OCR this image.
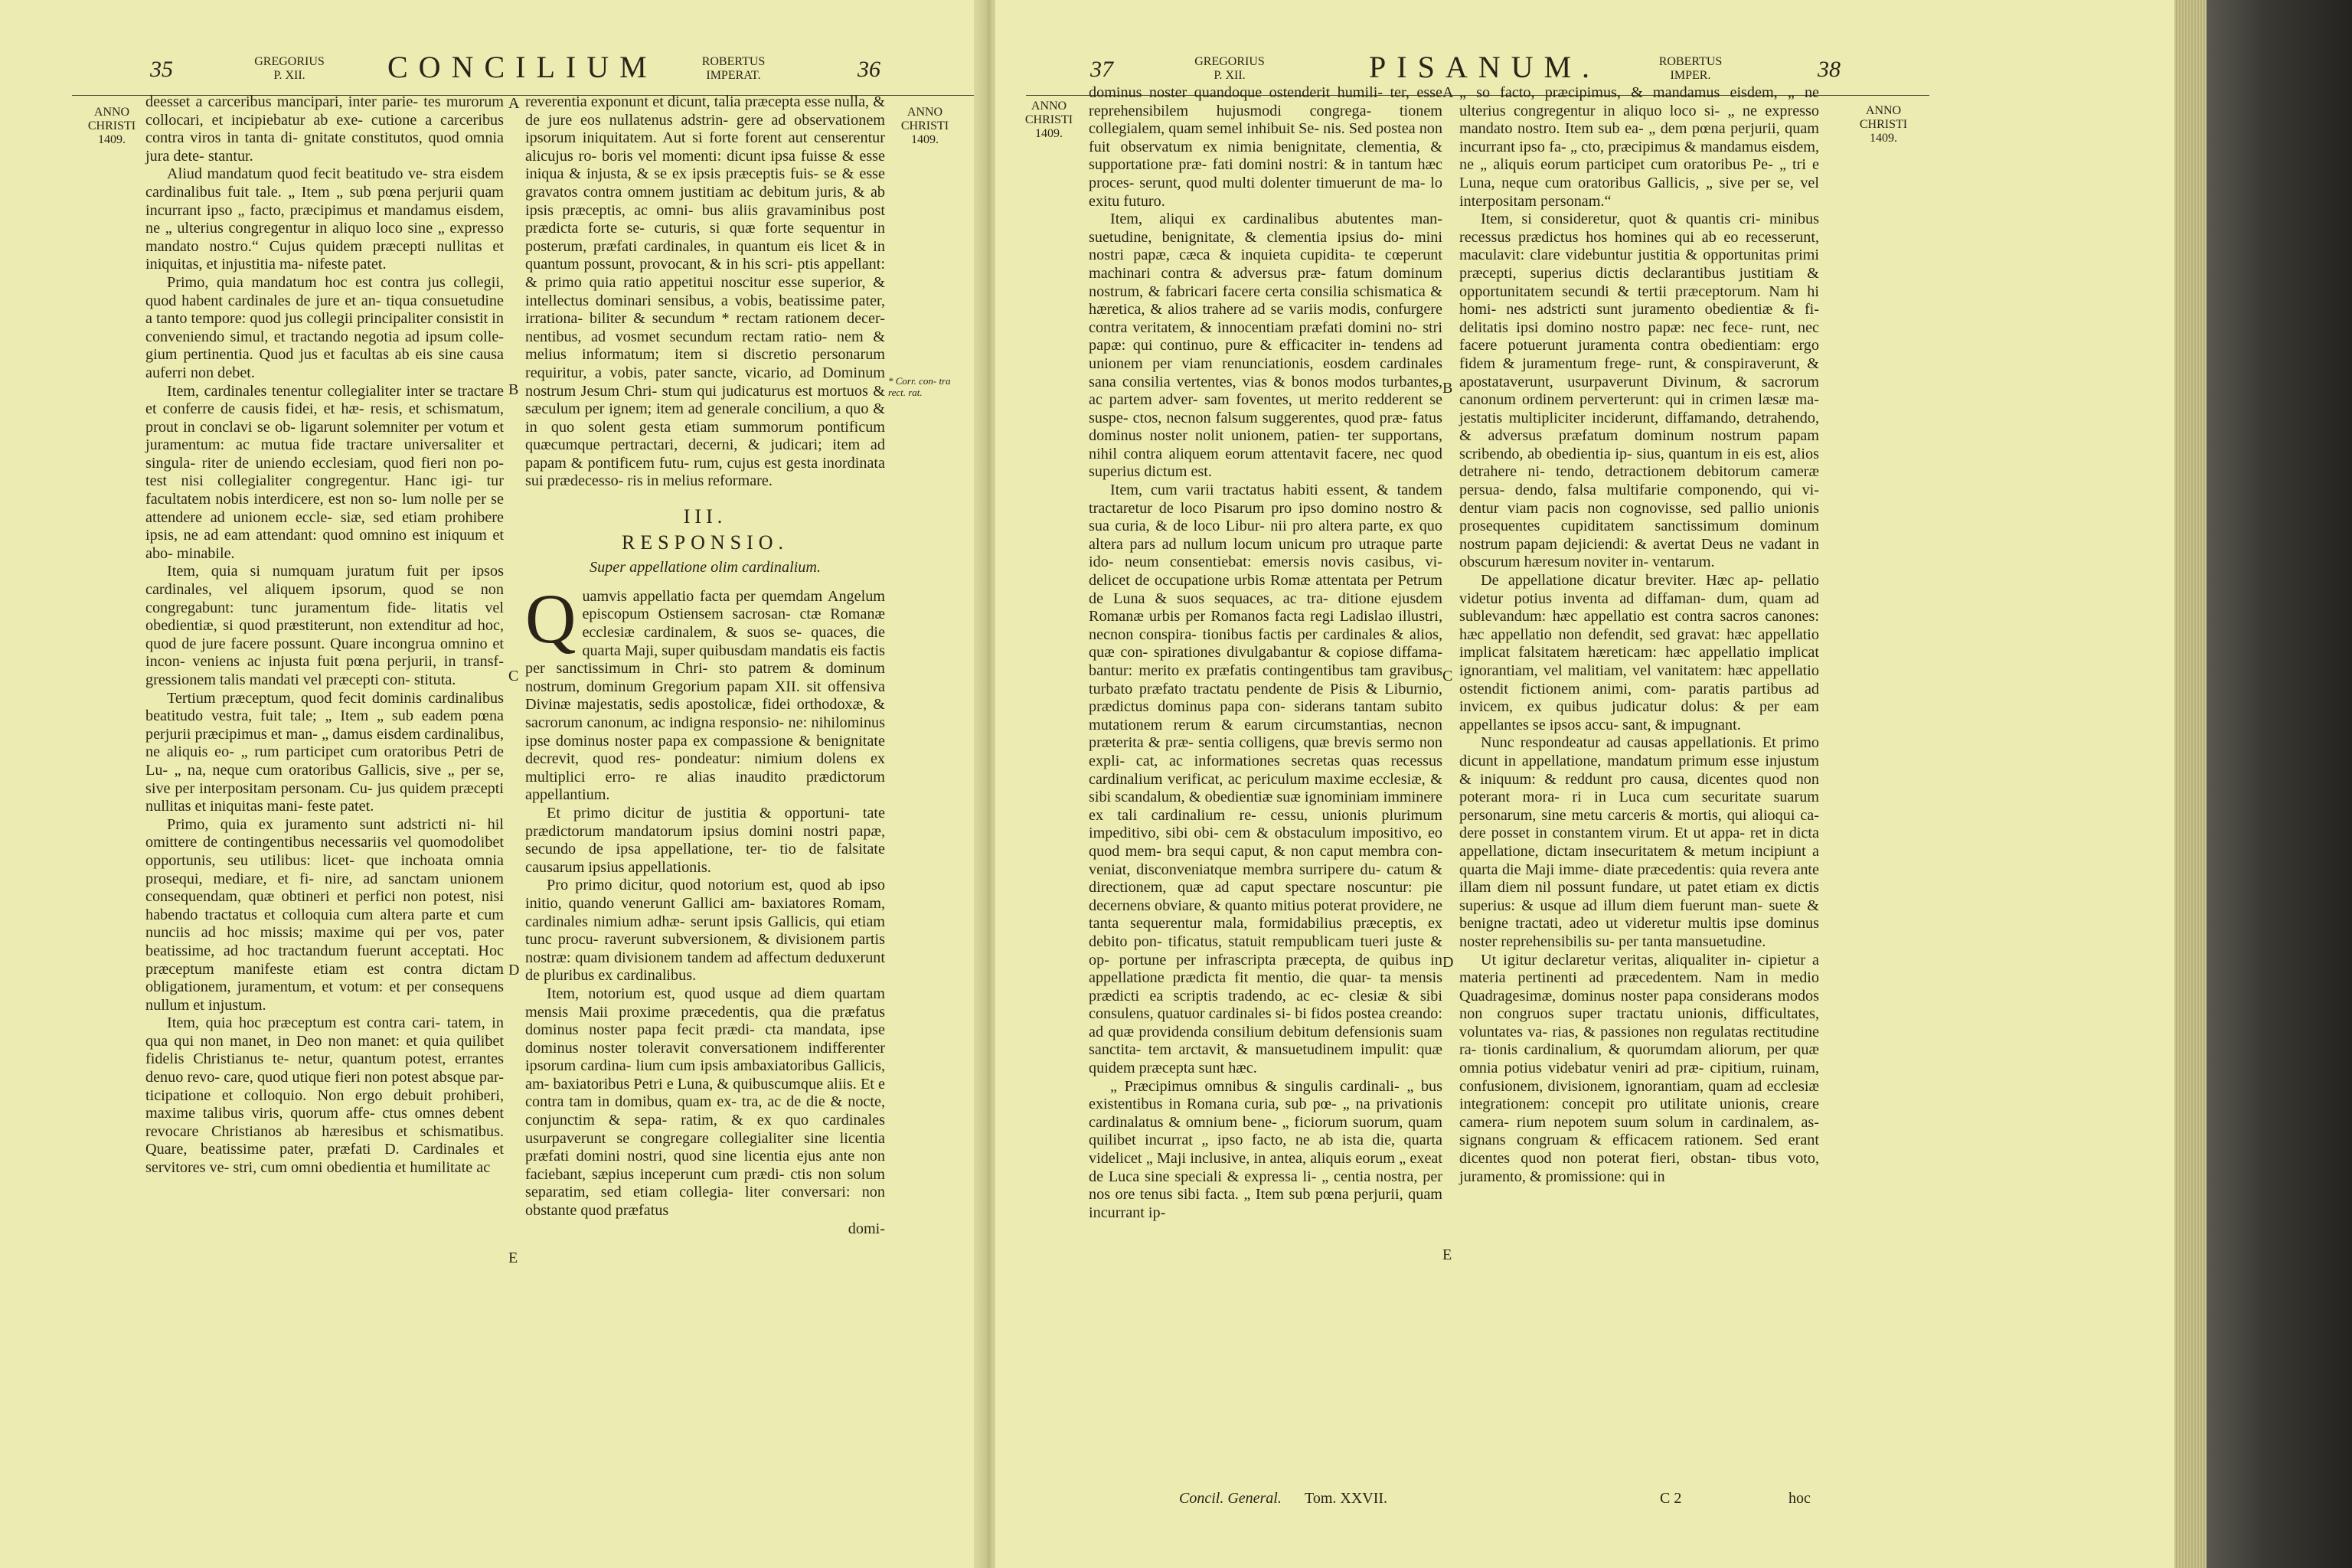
35	GREGORIUS
P. XII.	CONCILIUM	ROBERTUS
IMPERAT.	36
ANNO
CHRISTI
1409.
ANNO
CHRISTI
1409.

deesset a carceribus mancipari, inter parie- tes murorum collocari, et incipiebatur ab exe- cutione a carceribus contra viros in tanta di- gnitate constitutos, quod omnia jura dete- stantur.

Aliud mandatum quod fecit beatitudo ve- stra eisdem cardinalibus fuit tale. „ Item „ sub pœna perjurii quam incurrant ipso „ facto, præcipimus et mandamus eisdem, ne „ ulterius congregentur in aliquo loco sine „ expresso mandato nostro.“ Cujus quidem præcepti nullitas et iniquitas, et injustitia ma- nifeste patet.

Primo, quia mandatum hoc est contra jus collegii, quod habent cardinales de jure et an- tiqua consuetudine a tanto tempore: quod jus collegii principaliter consistit in conveniendo simul, et tractando negotia ad ipsum colle- gium pertinentia. Quod jus et facultas ab eis sine causa auferri non debet.

Item, cardinales tenentur collegialiter inter se tractare et conferre de causis fidei, et hæ- resis, et schismatum, prout in conclavi se ob- ligarunt solemniter per votum et juramentum: ac mutua fide tractare universaliter et singula- riter de uniendo ecclesiam, quod fieri non po- test nisi collegialiter congregentur. Hanc igi- tur facultatem nobis interdicere, est non so- lum nolle per se attendere ad unionem eccle- siæ, sed etiam prohibere ipsis, ne ad eam attendant: quod omnino est iniquum et abo- minabile.

Item, quia si numquam juratum fuit per ipsos cardinales, vel aliquem ipsorum, quod se non congregabunt: tunc juramentum fide- litatis vel obedientiæ, si quod præstiterunt, non extenditur ad hoc, quod de jure facere possunt. Quare incongrua omnino et incon- veniens ac injusta fuit pœna perjurii, in transf- gressionem talis mandati vel præcepti con- stituta.

Tertium præceptum, quod fecit dominis cardinalibus beatitudo vestra, fuit tale; „ Item „ sub eadem pœna perjurii præcipimus et man- „ damus eisdem cardinalibus, ne aliquis eo- „ rum participet cum oratoribus Petri de Lu- „ na, neque cum oratoribus Gallicis, sive „ per se, sive per interpositam personam. Cu- jus quidem præcepti nullitas et iniquitas mani- feste patet.

Primo, quia ex juramento sunt adstricti ni- hil omittere de contingentibus necessariis vel quomodolibet opportunis, seu utilibus: licet- que inchoata omnia prosequi, mediare, et fi- nire, ad sanctam unionem consequendam, quæ obtineri et perfici non potest, nisi habendo tractatus et colloquia cum altera parte et cum nunciis ad hoc missis; maxime qui per vos, pater beatissime, ad hoc tractandum fuerunt acceptati. Hoc præceptum manifeste etiam est contra dictam obligationem, juramentum, et votum: et per consequens nullum et injustum.

Item, quia hoc præceptum est contra cari- tatem, in qua qui non manet, in Deo non manet: et quia quilibet fidelis Christianus te- netur, quantum potest, errantes denuo revo- care, quod utique fieri non potest absque par- ticipatione et colloquio. Non ergo debuit prohiberi, maxime talibus viris, quorum affe- ctus omnes debent revocare Christianos ab hæresibus et schismatibus. Quare, beatissime pater, præfati D. Cardinales et servitores ve- stri, cum omni obedientia et humilitate ac

A
B
C
D
E

reverentia exponunt et dicunt, talia præcepta esse nulla, & de jure eos nullatenus adstrin- gere ad observationem ipsorum iniquitatem. Aut si forte forent aut censerentur alicujus ro- boris vel momenti: dicunt ipsa fuisse & esse iniqua & injusta, & se ex ipsis præceptis fuis- se & esse gravatos contra omnem justitiam ac debitum juris, & ab ipsis præceptis, ac omni- bus aliis gravaminibus post prædicta forte se- cuturis, si quæ forte sequentur in posterum, præfati cardinales, in quantum eis licet & in quantum possunt, provocant, & in his scri- ptis appellant: & primo quia ratio appetitui noscitur esse superior, & intellectus dominari sensibus, a vobis, beatissime pater, irrationa- biliter & secundum * rectam rationem decer- nentibus, ad vosmet secundum rectam ratio- nem & melius informatum; item si discretio personarum requiritur, a vobis, pater sancte, vicario, ad Dominum nostrum Jesum Chri- stum qui judicaturus est mortuos & sæculum per ignem; item ad generale concilium, a quo & in quo solent gesta etiam summorum pontificum quæcumque pertractari, decerni, & judicari; item ad papam & pontificem futu- rum, cujus est gesta inordinata sui prædecesso- ris in melius reformare.

III.
RESPONSIO.
Super appellatione olim cardinalium.

Quamvis appellatio facta per quemdam Angelum episcopum Ostiensem sacrosan- ctæ Romanæ ecclesiæ cardinalem, & suos se- quaces, die quarta Maji, super quibusdam mandatis eis factis per sanctissimum in Chri- sto patrem & dominum nostrum, dominum Gregorium papam XII. sit offensiva Divinæ majestatis, sedis apostolicæ, fidei orthodoxæ, & sacrorum canonum, ac indigna responsio- ne: nihilominus ipse dominus noster papa ex compassione & benignitate decrevit, quod res- pondeatur: nimium dolens ex multiplici erro- re alias inaudito prædictorum appellantium.

Et primo dicitur de justitia & opportuni- tate prædictorum mandatorum ipsius domini nostri papæ, secundo de ipsa appellatione, ter- tio de falsitate causarum ipsius appellationis.

Pro primo dicitur, quod notorium est, quod ab ipso initio, quando venerunt Gallici am- baxiatores Romam, cardinales nimium adhæ- serunt ipsis Gallicis, qui etiam tunc procu- raverunt subversionem, & divisionem partis nostræ: quam divisionem tandem ad affectum deduxerunt de pluribus ex cardinalibus.

Item, notorium est, quod usque ad diem quartam mensis Maii proxime præcedentis, qua die præfatus dominus noster papa fecit prædi- cta mandata, ipse dominus noster toleravit conversationem indifferenter ipsorum cardina- lium cum ipsis ambaxiatoribus Gallicis, am- baxiatoribus Petri e Luna, & quibuscumque aliis. Et e contra tam in domibus, quam ex- tra, ac de die & nocte, conjunctim & sepa- ratim, & ex quo cardinales usurpaverunt se congregare collegialiter sine licentia præfati domini nostri, quod sine licentia ejus ante non faciebant, sæpius inceperunt cum prædi- ctis non solum separatim, sed etiam collegia- liter conversari: non obstante quod præfatus

domi-
* Corr. con- tra rect. rat.
37	GREGORIUS
P. XII.	PISANUM.	ROBERTUS
IMPER.	38
ANNO
CHRISTI
1409.
ANNO
CHRISTI
1409.

dominus noster quandoque ostenderit humili- ter, esse reprehensibilem hujusmodi congrega- tionem collegialem, quam semel inhibuit Se- nis. Sed postea non fuit observatum ex nimia benignitate, clementia, & supportatione præ- fati domini nostri: & in tantum hæc proces- serunt, quod multi dolenter timuerunt de ma- lo exitu futuro.

Item, aliqui ex cardinalibus abutentes man- suetudine, benignitate, & clementia ipsius do- mini nostri papæ, cæca & inquieta cupidita- te cœperunt machinari contra & adversus præ- fatum dominum nostrum, & fabricari facere certa consilia schismatica & hæretica, & alios trahere ad se variis modis, confurgere contra veritatem, & innocentiam præfati domini no- stri papæ: qui continuo, pure & efficaciter in- tendens ad unionem per viam renunciationis, eosdem cardinales sana consilia vertentes, vias & bonos modos turbantes, ac partem adver- sam foventes, ut merito redderent se suspe- ctos, necnon falsum suggerentes, quod præ- fatus dominus noster nolit unionem, patien- ter supportans, nihil contra aliquem eorum attentavit facere, nec quod superius dictum est.

Item, cum varii tractatus habiti essent, & tandem tractaretur de loco Pisarum pro ipso domino nostro & sua curia, & de loco Libur- nii pro altera parte, ex quo altera pars ad nullum locum unicum pro utraque parte ido- neum consentiebat: emersis novis casibus, vi- delicet de occupatione urbis Romæ attentata per Petrum de Luna & suos sequaces, ac tra- ditione ejusdem Romanæ urbis per Romanos facta regi Ladislao illustri, necnon conspira- tionibus factis per cardinales & alios, quæ con- spirationes divulgabantur & copiose diffama- bantur: merito ex præfatis contingentibus tam gravibus turbato præfato tractatu pendente de Pisis & Liburnio, prædictus dominus papa con- siderans tantam subito mutationem rerum & earum circumstantias, necnon præterita & præ- sentia colligens, quæ brevis sermo non expli- cat, ac informationes secretas quas recessus cardinalium verificat, ac periculum maxime ecclesiæ, & sibi scandalum, & obedientiæ suæ ignominiam imminere ex tali cardinalium re- cessu, unionis plurimum impeditivo, sibi obi- cem & obstaculum impositivo, eo quod mem- bra sequi caput, & non caput membra con- veniat, disconveniatque membra surripere du- catum & directionem, quæ ad caput spectare noscuntur: pie decernens obviare, & quanto mitius poterat providere, ne tanta sequerentur mala, formidabilius præceptis, ex debito pon- tificatus, statuit rempublicam tueri juste & op- portune per infrascripta præcepta, de quibus in appellatione prædicta fit mentio, die quar- ta mensis prædicti ea scriptis tradendo, ac ec- clesiæ & sibi consulens, quatuor cardinales si- bi fidos postea creando: ad quæ providenda consilium debitum defensionis suam sanctita- tem arctavit, & mansuetudinem impulit: quæ quidem præcepta sunt hæc.

„ Præcipimus omnibus & singulis cardinali- „ bus existentibus in Romana curia, sub pœ- „ na privationis cardinalatus & omnium bene- „ ficiorum suorum, quam quilibet incurrat „ ipso facto, ne ab ista die, quarta videlicet „ Maji inclusive, in antea, aliquis eorum „ exeat de Luca sine speciali & expressa li- „ centia nostra, per nos ore tenus sibi facta. „ Item sub pœna perjurii, quam incurrant ip-

A
B
C
D
E

„ so facto, præcipimus, & mandamus eisdem, „ ne ulterius congregentur in aliquo loco si- „ ne expresso mandato nostro. Item sub ea- „ dem pœna perjurii, quam incurrant ipso fa- „ cto, præcipimus & mandamus eisdem, ne „ aliquis eorum participet cum oratoribus Pe- „ tri e Luna, neque cum oratoribus Gallicis, „ sive per se, vel interpositam personam.“

Item, si consideretur, quot & quantis cri- minibus recessus prædictus hos homines qui ab eo recesserunt, maculavit: clare videbuntur justitia & opportunitas primi præcepti, superius dictis declarantibus justitiam & opportunitatem secundi & tertii præceptorum. Nam hi homi- nes adstricti sunt juramento obedientiæ & fi- delitatis ipsi domino nostro papæ: nec fece- runt, nec facere potuerunt juramenta contra obedientiam: ergo fidem & juramentum frege- runt, & conspiraverunt, & apostataverunt, usurpaverunt Divinum, & sacrorum canonum ordinem perverterunt: qui in crimen læsæ ma- jestatis multipliciter inciderunt, diffamando, detrahendo, & adversus præfatum dominum nostrum papam scribendo, ab obedientia ip- sius, quantum in eis est, alios detrahere ni- tendo, detractionem debitorum cameræ persua- dendo, falsa multifarie componendo, qui vi- dentur viam pacis non cognovisse, sed pallio unionis prosequentes cupiditatem sanctissimum dominum nostrum papam dejiciendi: & avertat Deus ne vadant in obscurum hæresum noviter in- ventarum.

De appellatione dicatur breviter. Hæc ap- pellatio videtur potius inventa ad diffaman- dum, quam ad sublevandum: hæc appellatio est contra sacros canones: hæc appellatio non defendit, sed gravat: hæc appellatio implicat falsitatem hæreticam: hæc appellatio implicat ignorantiam, vel malitiam, vel vanitatem: hæc appellatio ostendit fictionem animi, com- paratis partibus ad invicem, ex quibus judicatur dolus: & per eam appellantes se ipsos accu- sant, & impugnant.

Nunc respondeatur ad causas appellationis. Et primo dicunt in appellatione, mandatum primum esse injustum & iniquum: & reddunt pro causa, dicentes quod non poterant mora- ri in Luca cum securitate suarum personarum, sine metu carceris & mortis, qui alioqui ca- dere posset in constantem virum. Et ut appa- ret in dicta appellatione, dictam insecuritatem & metum incipiunt a quarta die Maji imme- diate præcedentis: quia revera ante illam diem nil possunt fundare, ut patet etiam ex dictis superius: & usque ad illum diem fuerunt man- suete & benigne tractati, adeo ut videretur multis ipse dominus noster reprehensibilis su- per tanta mansuetudine.

Ut igitur declaretur veritas, aliqualiter in- cipietur a materia pertinenti ad præcedentem. Nam in medio Quadragesimæ, dominus noster papa considerans modos non congruos super tractatu unionis, difficultates, voluntates va- rias, & passiones non regulatas rectitudine ra- tionis cardinalium, & quorumdam aliorum, per quæ omnia potius videbatur veniri ad præ- cipitium, ruinam, confusionem, divisionem, ignorantiam, quam ad ecclesiæ integrationem: concepit pro utilitate unionis, creare camera- rium nepotem suum solum in cardinalem, as- signans congruam & efficacem rationem. Sed erant dicentes quod non poterat fieri, obstan- tibus voto, juramento, & promissione: qui in

Concil. General. Tom. XXVII.	C 2	hoc
